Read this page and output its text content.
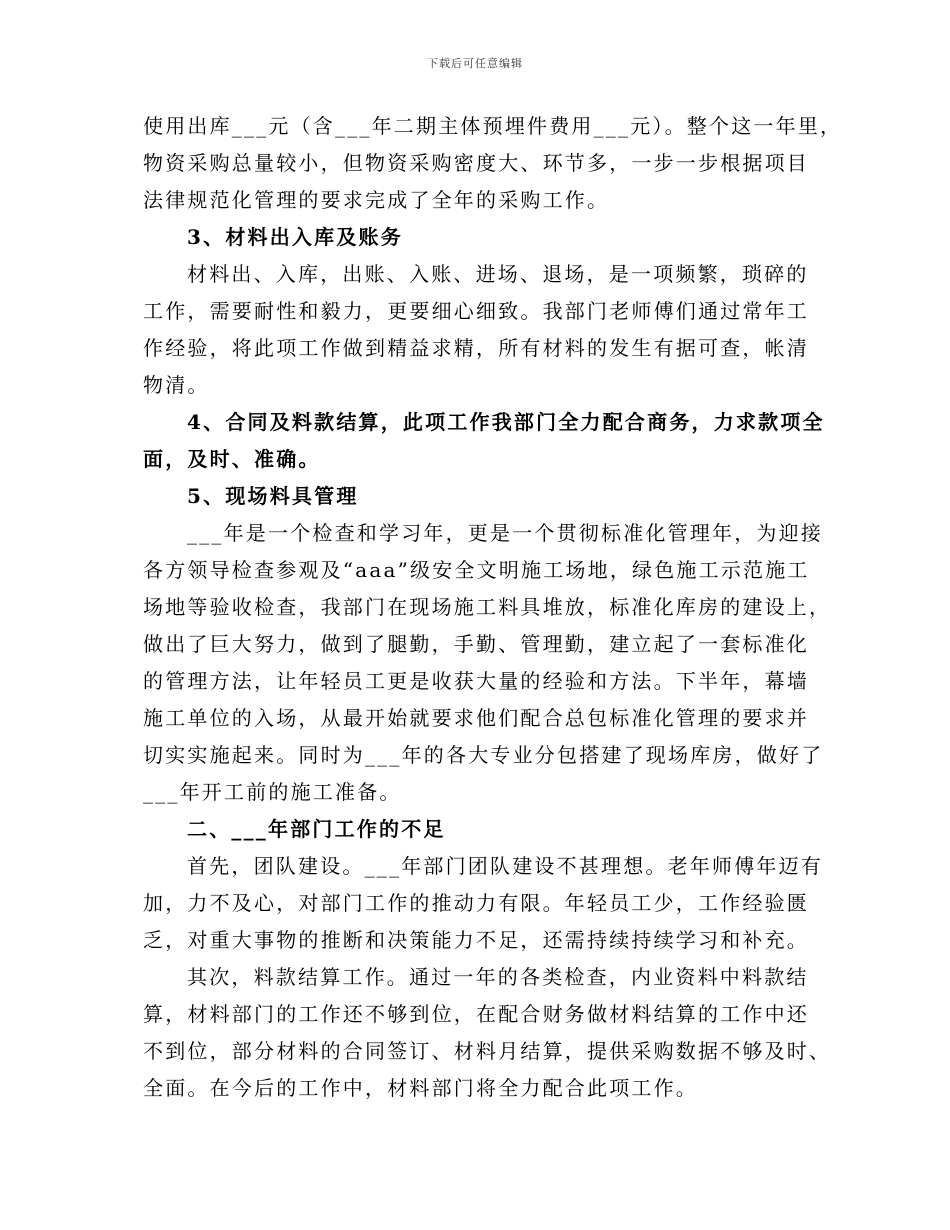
下载后可任意编辑
使用出库___元（含___年二期主体预埋件费用___元）。整个这一年里，
物资采购总量较小，但物资采购密度大、环节多，一步一步根据项目
法律规范化管理的要求完成了全年的采购工作。
3、材料出入库及账务
材料出、入库，出账、入账、进场、退场，是一项频繁，琐碎的
工作，需要耐性和毅力，更要细心细致。我部门老师傅们通过常年工
作经验，将此项工作做到精益求精，所有材料的发生有据可查，帐清
物清。
4、合同及料款结算，此项工作我部门全力配合商务，力求款项全
面，及时、准确。
5、现场料具管理
___年是一个检查和学习年，更是一个贯彻标准化管理年，为迎接
各方领导检查参观及“aaa”级安全文明施工场地，绿色施工示范施工
场地等验收检查，我部门在现场施工料具堆放，标准化库房的建设上，
做出了巨大努力，做到了腿勤，手勤、管理勤，建立起了一套标准化
的管理方法，让年轻员工更是收获大量的经验和方法。下半年，幕墙
施工单位的入场，从最开始就要求他们配合总包标准化管理的要求并
切实实施起来。同时为___年的各大专业分包搭建了现场库房，做好了
___年开工前的施工准备。
二、___年部门工作的不足
首先，团队建设。___年部门团队建设不甚理想。老年师傅年迈有
加，力不及心，对部门工作的推动力有限。年轻员工少，工作经验匮
乏，对重大事物的推断和决策能力不足，还需持续持续学习和补充。
其次，料款结算工作。通过一年的各类检查，内业资料中料款结
算，材料部门的工作还不够到位，在配合财务做材料结算的工作中还
不到位，部分材料的合同签订、材料月结算，提供采购数据不够及时、
全面。在今后的工作中，材料部门将全力配合此项工作。
